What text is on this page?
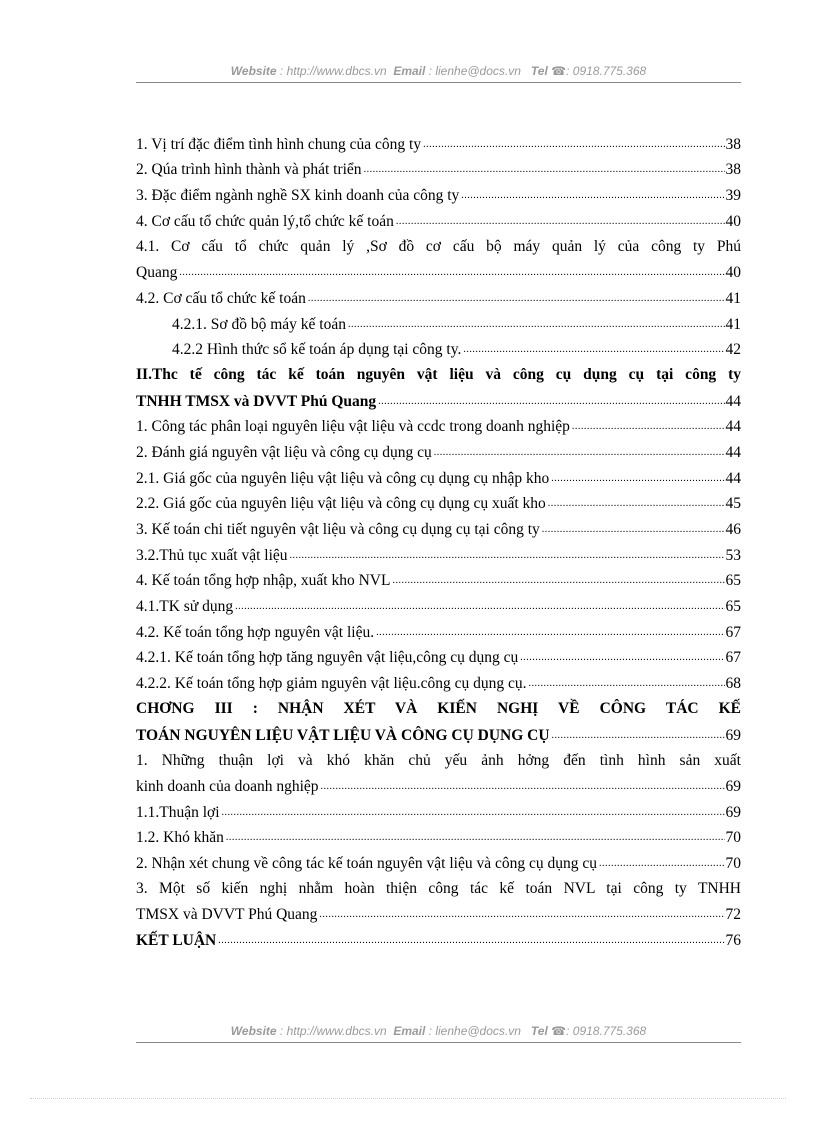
Website : http://www.dbcs.vn Email : lienhe@docs.vn Tel ☎: 0918.775.368
1. Vị trí đặc điểm tình hình chung của công ty .....	38
2. Qúa trình hình thành và phát triển .....	38
3. Đặc điểm ngành nghề SX kinh doanh của công ty .....	39
4. Cơ cấu tổ chức quản lý,tổ chức kế toán .....	40
4.1. Cơ cấu tổ chức quản lý ,Sơ đồ cơ cấu bộ máy quản lý của công ty Phú
Quang .....	40
4.2. Cơ cấu tổ chức kế toán .....	41
4.2.1. Sơ đồ bộ máy kế toán .....	41
4.2.2 Hình thức sổ kế toán áp dụng tại công ty. .....	42
II.Thc tế công tác kế toán nguyên vật liệu và công cụ dụng cụ tại công ty
TNHH TMSX và DVVT Phú Quang .....	44
1. Công tác phân loại nguyên liệu vật liệu và ccdc trong doanh nghiệp .....	44
2. Đánh giá nguyên vật liệu và công cụ dụng cụ .....	44
2.1. Giá gốc của nguyên liệu vật liệu và công cụ dụng cụ nhập kho .....	44
2.2. Giá gốc của nguyên liệu vật liệu và công cụ dụng cụ xuất kho .....	45
3. Kế toán chi tiết nguyên vật liệu và công cụ dụng cụ tại công ty .....	46
3.2.Thủ tục xuất vật liệu .....	53
4. Kế toán tổng hợp nhập, xuất kho NVL .....	65
4.1.TK sử dụng .....	65
4.2. Kế toán tổng hợp nguyên vật liệu. .....	67
4.2.1. Kế toán tổng hợp tăng nguyên vật liệu,công cụ dụng cụ .....	67
4.2.2. Kế toán tổng hợp giảm nguyên vật liệu.công cụ dụng cụ. .....	68
CHƠNG III : NHẬN XÉT VÀ KIẾN NGHỊ VỀ CÔNG TÁC KẾ
TOÁN NGUYÊN LIỆU VẬT LIỆU VÀ CÔNG CỤ DỤNG CỤ .....	69
1. Những thuận lợi và khó khăn chủ yếu ảnh hởng đến tình hình sản xuất
kinh doanh của doanh nghiệp .....	69
1.1.Thuận lợi .....	69
1.2. Khó khăn .....	70
2. Nhận xét chung về công tác kế toán nguyên vật liệu và công cụ dụng cụ .....	70
3. Một số kiến nghị nhằm hoàn thiện công tác kế toán NVL tại công ty TNHH
TMSX và DVVT Phú Quang .....	72
KẾT LUẬN .....	76
Website : http://www.dbcs.vn Email : lienhe@docs.vn Tel ☎: 0918.775.368
